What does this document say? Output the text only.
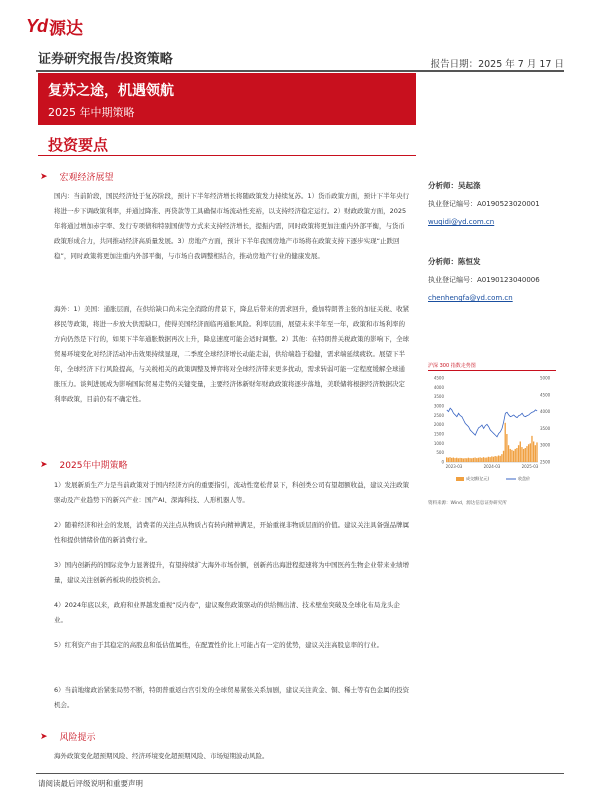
Yd 源达
证券研究报告/投资策略	报告日期：2025 年 7 月 17 日
复苏之途，机遇领航
2025 年中期策略
投资要点
➤ 宏观经济展望

国内：当前阶段，国民经济处于复苏阶段，预计下半年经济增长将随政策发力持续复苏。1）货币政策方面，预计下半年央行将进一步下调政策利率，并通过降准、再贷款等工具确保市场流动性充裕，以支持经济稳定运行。2）财政政策方面，2025年将通过增加赤字率、发行专项债和特别国债等方式来支持经济增长，提振内需，同时政策将更加注重内外部平衡，与货币政策形成合力，共同推动经济高质量发展。3）房地产方面，预计下半年我国房地产市场将在政策支持下逐步实现“止跌回稳”，同时政策将更加注重内外部平衡，与市场自我调整相结合，推动房地产行业的健康发展。

海外：1）美国：通胀层面，在供给缺口尚未完全消除的背景下，降息后带来的需求回升，叠加特朗普主张的加征关税、收紧移民等政策，将进一步放大供需缺口，使得美国经济面临再通胀风险。利率层面，展望未来半年至一年，政策和市场利率的方向仍然是下行的，如果下半年通胀数据再次上升，降息速度可能会适时调整。2）其他：在特朗普关税政策的影响下，全球贸易环境变化对经济活动冲击效果持续显现，二季度全球经济增长动能走弱，供给端趋于稳健，需求端延续疲软。展望下半年，全球经济下行风险提高，与关税相关的政策调整及博弈将对全球经济带来更多扰动，需求转弱可能一定程度缓解全球通胀压力。谈判进展成为影响国际贸易走势的关键变量，主要经济体新财年财政政策将逐步落地，美联储将根据经济数据决定利率政策，目前仍有不确定性。

➤ 2025年中期策略

1）发展新质生产力是当前政策对于国内经济方向的重要指引，流动性宽松背景下，科创类公司有望超额收益，建议关注政策驱动及产业趋势下的新兴产业：国产AI、深海科技、人形机器人等。

2）随着经济和社会的发展，消费者的关注点从物质占有转向精神满足，开始重视非物质层面的价值。建议关注具备强品牌属性和提供情绪价值的新消费行业。

3）国内创新药的国际竞争力显著提升，有望持续扩大海外市场份额，创新药出海进程提速将为中国医药生物企业带来业绩增量，建议关注创新药板块的投资机会。

4）2024年底以来，政府和业界越发重视“反内卷”，建议聚焦政策驱动的供给侧出清、技术壁垒突破及全球化布局龙头企业。

5）红利资产由于其稳定的高股息和低估值属性，在配置性价比上可能占有一定的优势，建议关注高股息率的行业。

6）当前地缘政治紧张局势不断，特朗普重返白宫引发的全球贸易紧张关系加剧，建议关注黄金、铜、稀土等有色金属的投资机会。

➤ 风险提示

海外政策变化超预期风险、经济环境变化超预期风险、市场短期波动风险。

分析师：吴起涤
执业登记编号：A0190523020001
wuqidi@yd.com.cn
分析师：陈恒发
执业登记编号：A0190123040006
chenhengfa@yd.com.cn
沪深 300 指数走势图
4500
4000
3500
3000
2500
2000
1500
1000
500
0
5000
4500
4000
3500
3000
2500
2023-03	2024-03	2025-03
成交额(亿元)	收盘价
资料来源：Wind，源达信息证券研究所
请阅读最后评级说明和重要声明
